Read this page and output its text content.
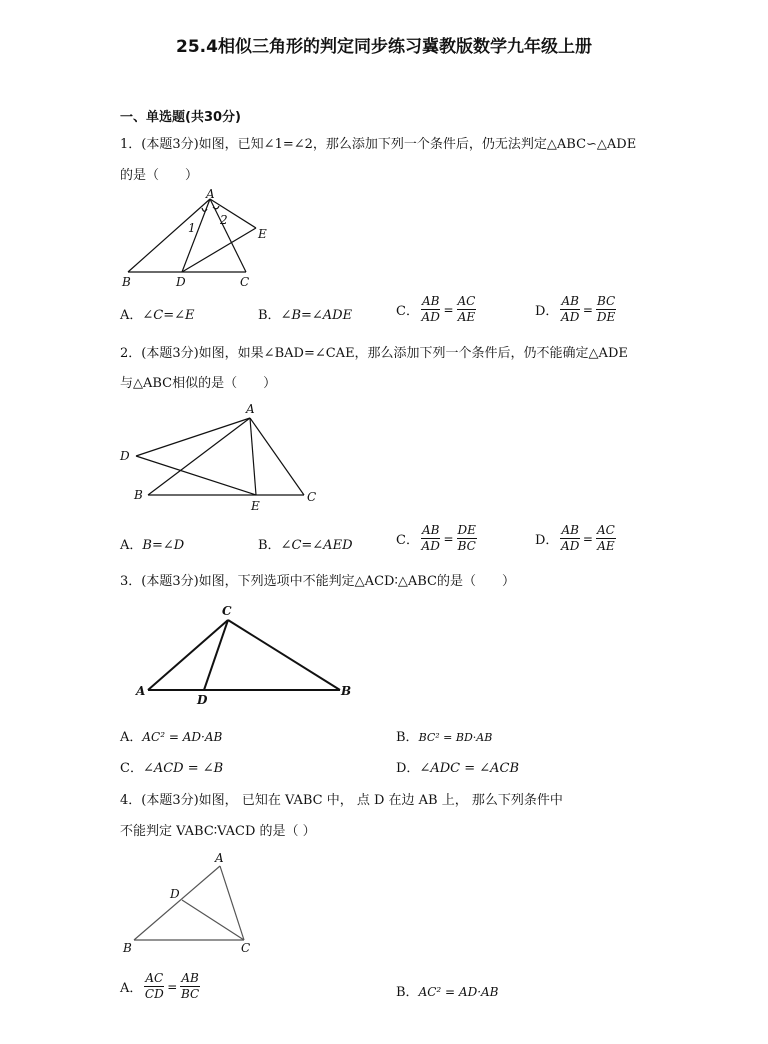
25.4相似三角形的判定同步练习冀教版数学九年级上册
一、单选题(共30分)
1．(本题3分)如图，已知∠1=∠2，那么添加下列一个条件后，仍无法判定△ABC∽△ADE
的是（　　）
A
1
2
E
B	D	C
A．∠C=∠E	B．∠B=∠ADE	C． $\frac{AB}{AD} = \frac{AC}{AE}$	D． $\frac{AB}{AD} = \frac{BC}{DE}$
2．(本题3分)如图，如果∠BAD=∠CAE，那么添加下列一个条件后，仍不能确定△ADE
与△ABC相似的是（　　）
A
D
B
E
C
A．B=∠D	B．∠C=∠AED	C． $\frac{AB}{AD} = \frac{DE}{BC}$	D． $\frac{AB}{AD} = \frac{AC}{AE}$
3．(本题3分)如图，下列选项中不能判定△ACD∶△ABC的是（　　）
C
A
D
B
A．AC² = AD·AB	B．BC² = BD·AB
C．∠ACD = ∠B	D．∠ADC = ∠ACB
4．(本题3分)如图， 已知在 VABC 中， 点 D 在边 AB 上， 那么下列条件中
不能判定 VABC∶VACD 的是（ ）
A
D
B	C
A． $\frac{AC}{CD} = \frac{AB}{BC}$	B．AC² = AD·AB
